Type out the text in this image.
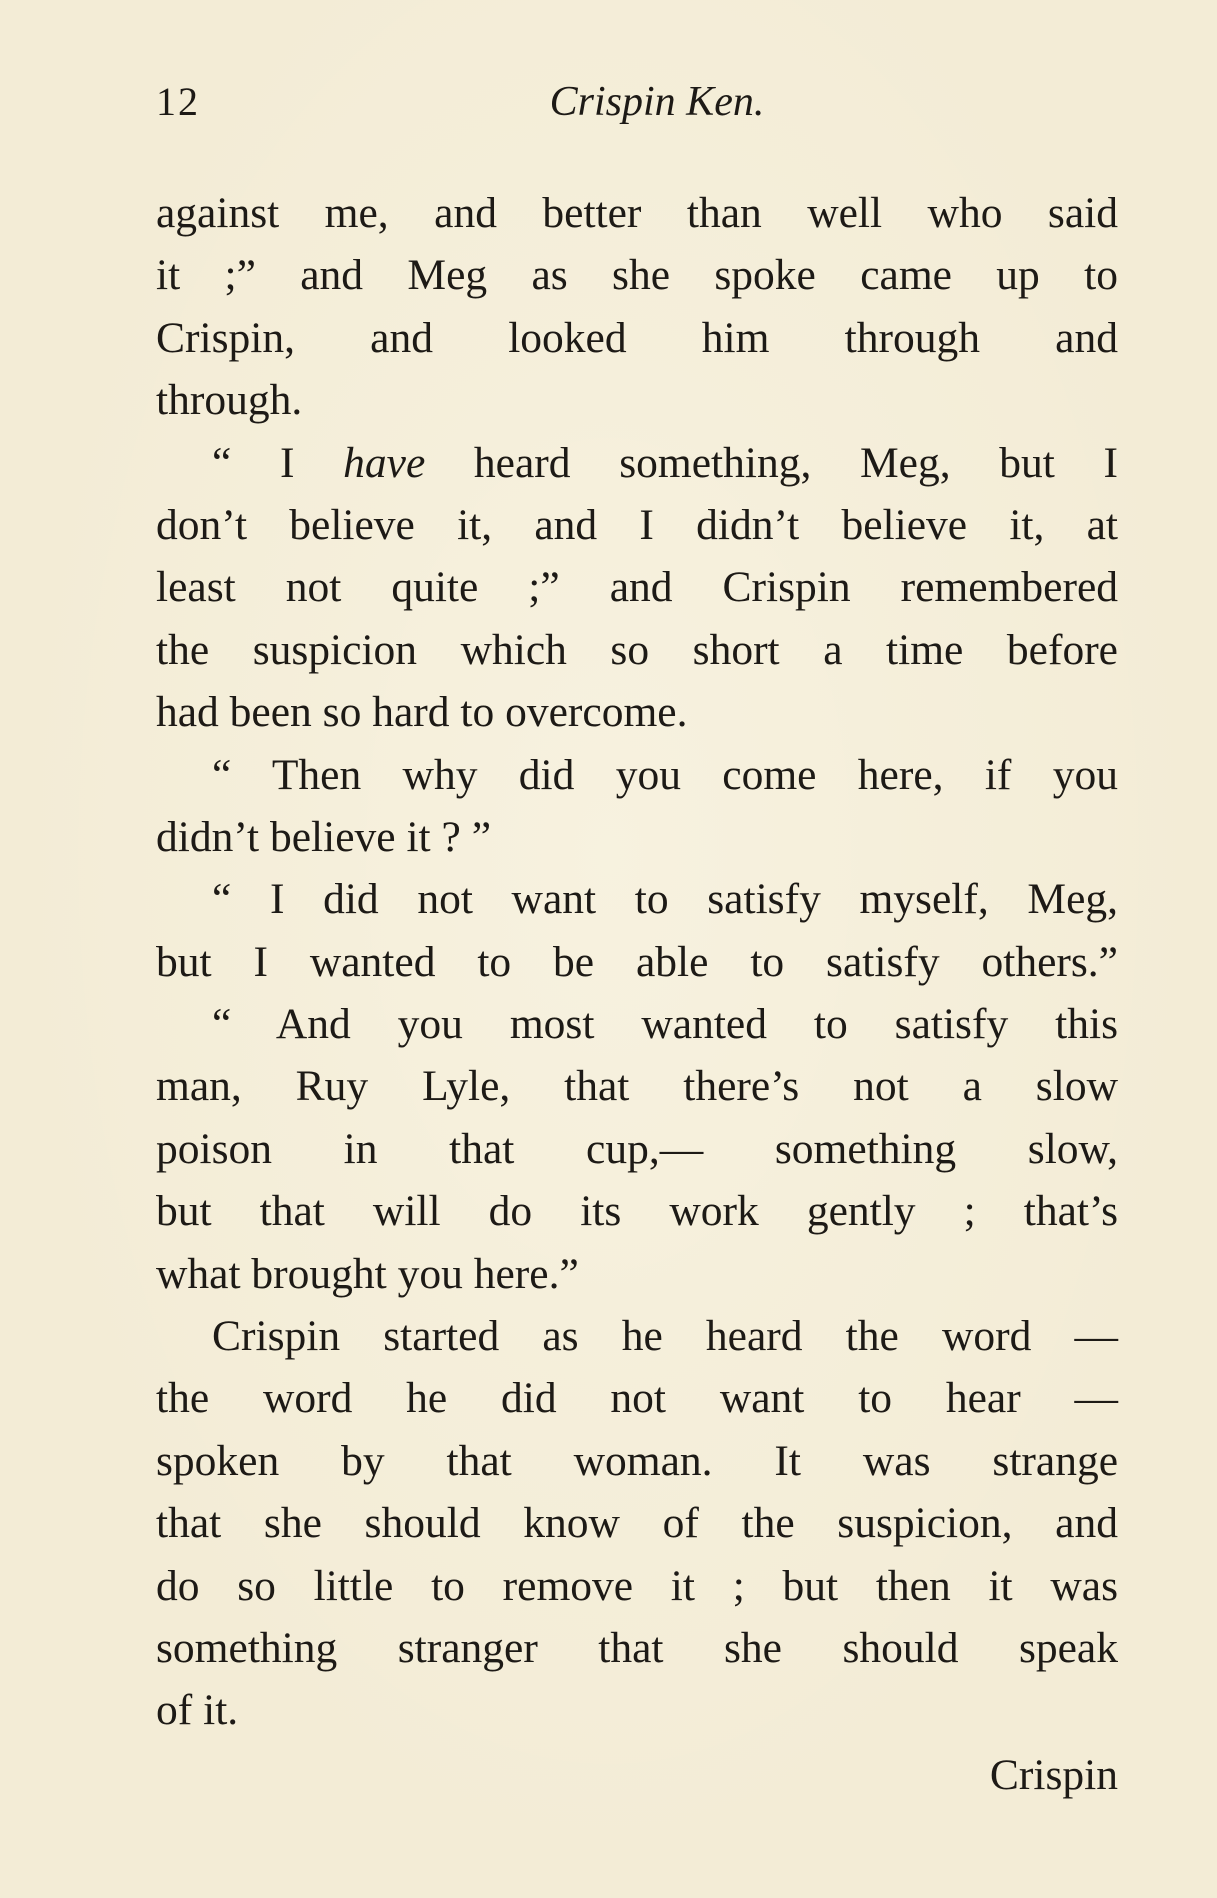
12	Crispin Ken.
against me, and better than well who said
it ;” and Meg as she spoke came up to
Crispin, and looked him through and
through.
“ I have heard something, Meg, but I
don’t believe it, and I didn’t believe it, at
least not quite ;” and Crispin remembered
the suspicion which so short a time before
had been so hard to overcome.
“ Then why did you come here, if you
didn’t believe it ? ”
“ I did not want to satisfy myself, Meg,
but I wanted to be able to satisfy others.”
“ And you most wanted to satisfy this
man, Ruy Lyle, that there’s not a slow
poison in that cup,— something slow,
but that will do its work gently ; that’s
what brought you here.”
Crispin started as he heard the word —
the word he did not want to hear —
spoken by that woman. It was strange
that she should know of the suspicion, and
do so little to remove it ; but then it was
something stranger that she should speak
of it.
Crispin
